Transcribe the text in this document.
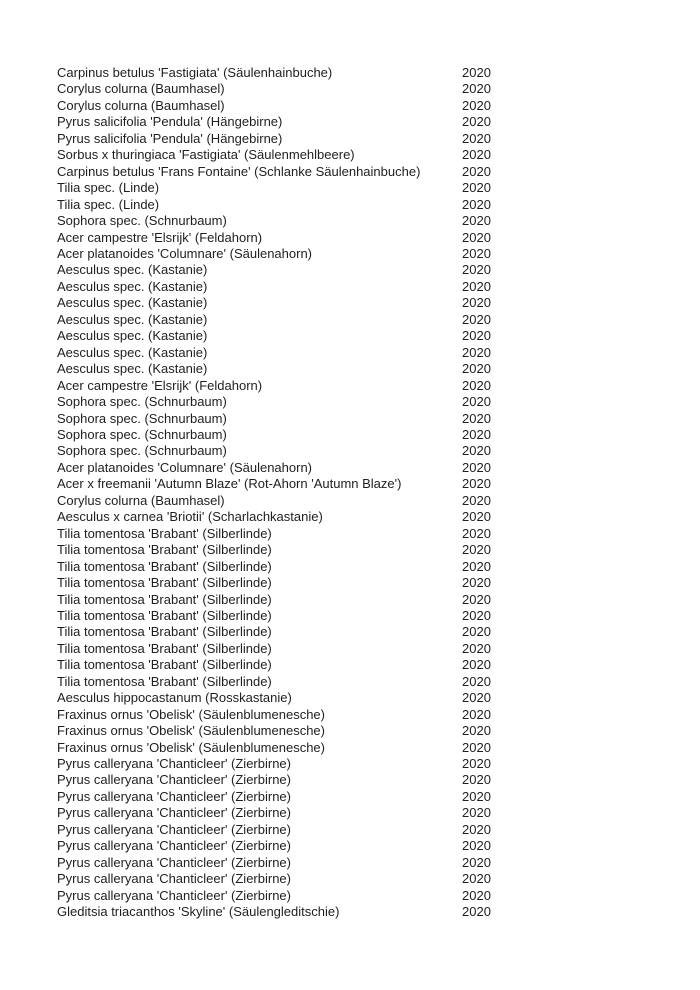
Carpinus betulus 'Fastigiata' (Säulenhainbuche)	2020
Corylus colurna (Baumhasel)	2020
Corylus colurna (Baumhasel)	2020
Pyrus salicifolia 'Pendula' (Hängebirne)	2020
Pyrus salicifolia 'Pendula' (Hängebirne)	2020
Sorbus x thuringiaca 'Fastigiata' (Säulenmehlbeere)	2020
Carpinus betulus 'Frans Fontaine' (Schlanke Säulenhainbuche)	2020
Tilia spec. (Linde)	2020
Tilia spec. (Linde)	2020
Sophora spec. (Schnurbaum)	2020
Acer campestre 'Elsrijk' (Feldahorn)	2020
Acer platanoides 'Columnare' (Säulenahorn)	2020
Aesculus spec. (Kastanie)	2020
Aesculus spec. (Kastanie)	2020
Aesculus spec. (Kastanie)	2020
Aesculus spec. (Kastanie)	2020
Aesculus spec. (Kastanie)	2020
Aesculus spec. (Kastanie)	2020
Aesculus spec. (Kastanie)	2020
Acer campestre 'Elsrijk' (Feldahorn)	2020
Sophora spec. (Schnurbaum)	2020
Sophora spec. (Schnurbaum)	2020
Sophora spec. (Schnurbaum)	2020
Sophora spec. (Schnurbaum)	2020
Acer platanoides 'Columnare' (Säulenahorn)	2020
Acer x freemanii 'Autumn Blaze' (Rot-Ahorn 'Autumn Blaze')	2020
Corylus colurna (Baumhasel)	2020
Aesculus x carnea 'Briotii' (Scharlachkastanie)	2020
Tilia tomentosa 'Brabant' (Silberlinde)	2020
Tilia tomentosa 'Brabant' (Silberlinde)	2020
Tilia tomentosa 'Brabant' (Silberlinde)	2020
Tilia tomentosa 'Brabant' (Silberlinde)	2020
Tilia tomentosa 'Brabant' (Silberlinde)	2020
Tilia tomentosa 'Brabant' (Silberlinde)	2020
Tilia tomentosa 'Brabant' (Silberlinde)	2020
Tilia tomentosa 'Brabant' (Silberlinde)	2020
Tilia tomentosa 'Brabant' (Silberlinde)	2020
Tilia tomentosa 'Brabant' (Silberlinde)	2020
Aesculus hippocastanum (Rosskastanie)	2020
Fraxinus ornus 'Obelisk' (Säulenblumenesche)	2020
Fraxinus ornus 'Obelisk' (Säulenblumenesche)	2020
Fraxinus ornus 'Obelisk' (Säulenblumenesche)	2020
Pyrus calleryana 'Chanticleer' (Zierbirne)	2020
Pyrus calleryana 'Chanticleer' (Zierbirne)	2020
Pyrus calleryana 'Chanticleer' (Zierbirne)	2020
Pyrus calleryana 'Chanticleer' (Zierbirne)	2020
Pyrus calleryana 'Chanticleer' (Zierbirne)	2020
Pyrus calleryana 'Chanticleer' (Zierbirne)	2020
Pyrus calleryana 'Chanticleer' (Zierbirne)	2020
Pyrus calleryana 'Chanticleer' (Zierbirne)	2020
Pyrus calleryana 'Chanticleer' (Zierbirne)	2020
Gleditsia triacanthos 'Skyline' (Säulengleditschie)	2020
